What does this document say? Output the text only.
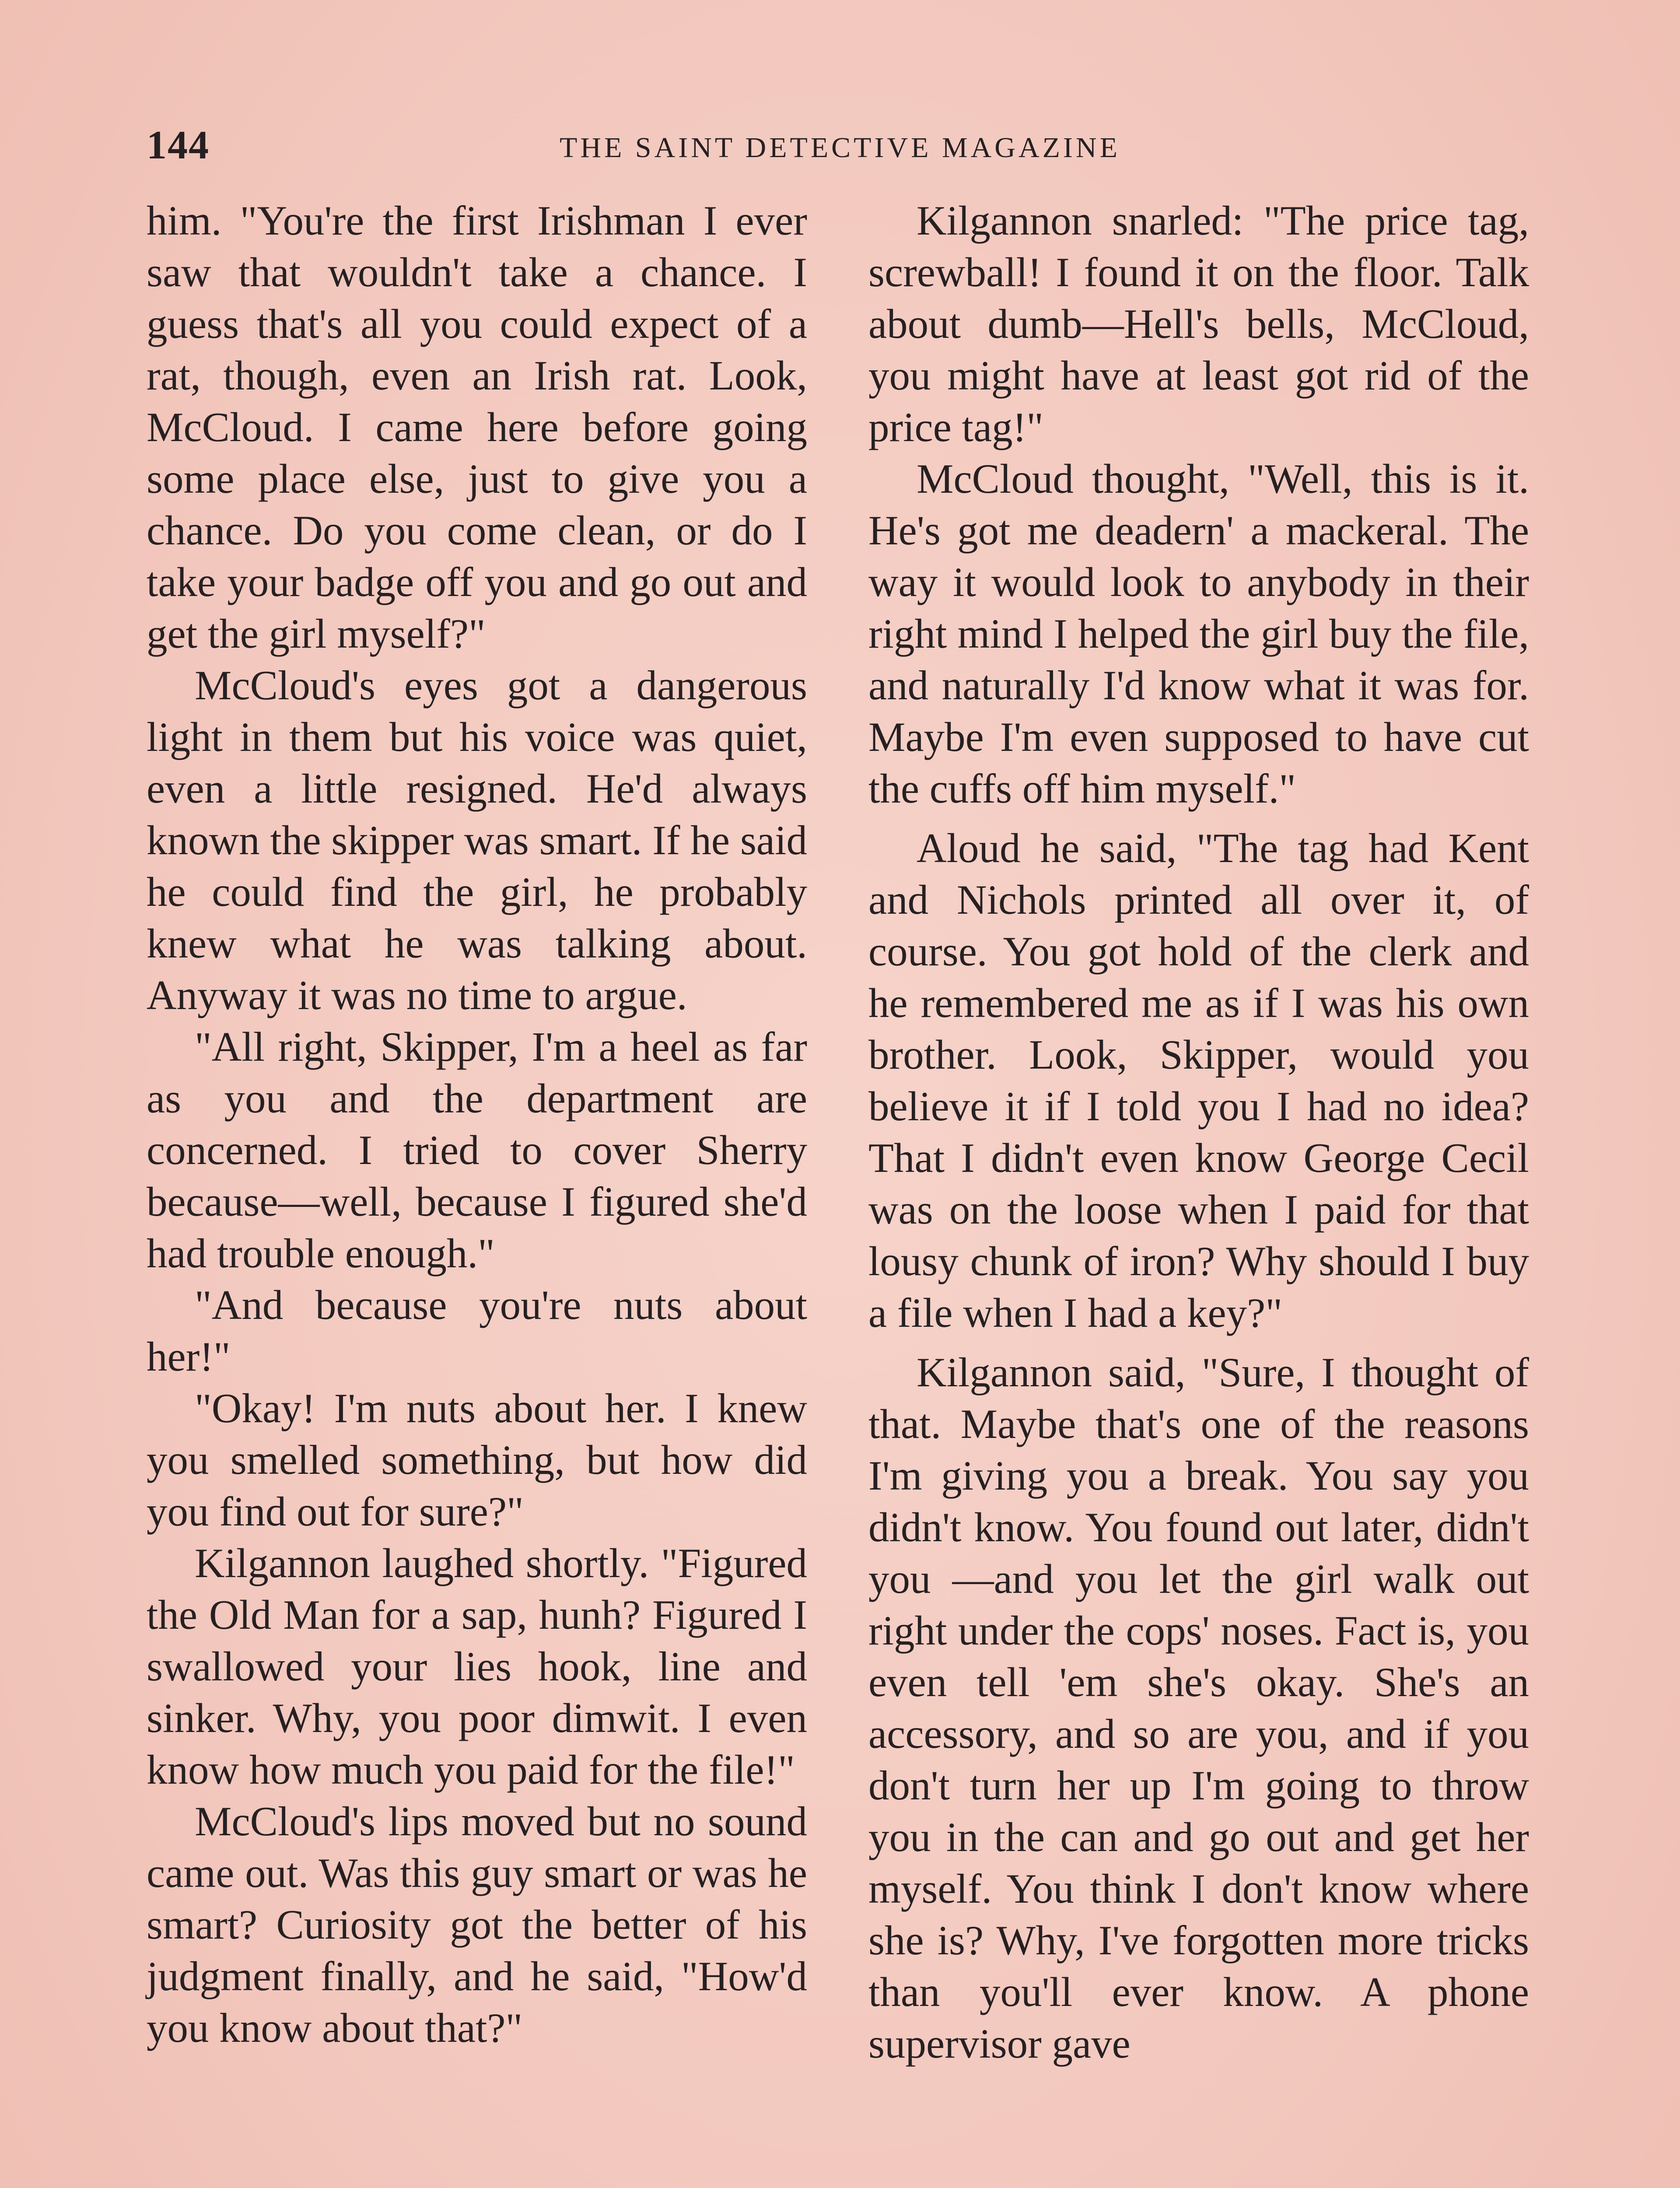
144	THE SAINT DETECTIVE MAGAZINE

him. "You're the first Irishman I ever saw that wouldn't take a chance. I guess that's all you could expect of a rat, though, even an Irish rat. Look, McCloud. I came here before going some place else, just to give you a chance. Do you come clean, or do I take your badge off you and go out and get the girl myself?"

McCloud's eyes got a dangerous light in them but his voice was quiet, even a little resigned. He'd always known the skipper was smart. If he said he could find the girl, he probably knew what he was talking about. Anyway it was no time to argue.

"All right, Skipper, I'm a heel as far as you and the department are concerned. I tried to cover Sherry because—well, because I figured she'd had trouble enough."

"And because you're nuts about her!"

"Okay! I'm nuts about her. I knew you smelled something, but how did you find out for sure?"

Kilgannon laughed shortly. "Figured the Old Man for a sap, hunh? Figured I swallowed your lies hook, line and sinker. Why, you poor dimwit. I even know how much you paid for the file!"

McCloud's lips moved but no sound came out. Was this guy smart or was he smart? Curiosity got the better of his judgment finally, and he said, "How'd you know about that?"

Kilgannon snarled: "The price tag, screwball! I found it on the floor. Talk about dumb—Hell's bells, McCloud, you might have at least got rid of the price tag!"

McCloud thought, "Well, this is it. He's got me deadern' a mackeral. The way it would look to anybody in their right mind I helped the girl buy the file, and naturally I'd know what it was for. Maybe I'm even supposed to have cut the cuffs off him myself."

Aloud he said, "The tag had Kent and Nichols printed all over it, of course. You got hold of the clerk and he remembered me as if I was his own brother. Look, Skipper, would you believe it if I told you I had no idea? That I didn't even know George Cecil was on the loose when I paid for that lousy chunk of iron? Why should I buy a file when I had a key?"

Kilgannon said, "Sure, I thought of that. Maybe that's one of the reasons I'm giving you a break. You say you didn't know. You found out later, didn't you —and you let the girl walk out right under the cops' noses. Fact is, you even tell 'em she's okay. She's an accessory, and so are you, and if you don't turn her up I'm going to throw you in the can and go out and get her myself. You think I don't know where she is? Why, I've forgotten more tricks than you'll ever know. A phone supervisor gave
